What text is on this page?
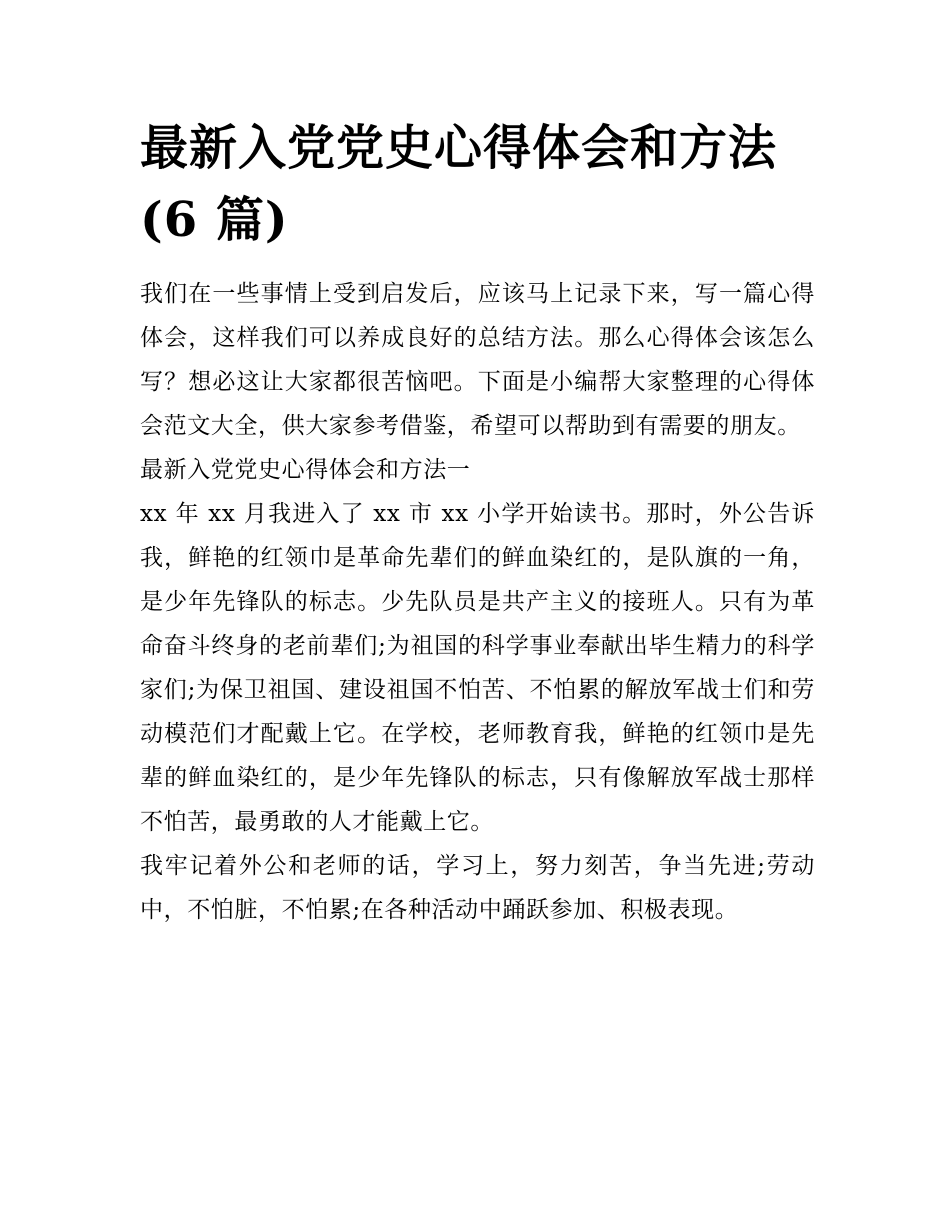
最新入党党史心得体会和方法(6 篇)

我们在一些事情上受到启发后，应该马上记录下来，写一篇心得体会，这样我们可以养成良好的总结方法。那么心得体会该怎么写？想必这让大家都很苦恼吧。下面是小编帮大家整理的心得体会范文大全，供大家参考借鉴，希望可以帮助到有需要的朋友。

最新入党党史心得体会和方法一

xx 年 xx 月我进入了 xx 市 xx 小学开始读书。那时，外公告诉我，鲜艳的红领巾是革命先辈们的鲜血染红的，是队旗的一角，是少年先锋队的标志。少先队员是共产主义的接班人。只有为革命奋斗终身的老前辈们;为祖国的科学事业奉献出毕生精力的科学家们;为保卫祖国、建设祖国不怕苦、不怕累的解放军战士们和劳动模范们才配戴上它。在学校，老师教育我，鲜艳的红领巾是先辈的鲜血染红的，是少年先锋队的标志，只有像解放军战士那样不怕苦，最勇敢的人才能戴上它。

我牢记着外公和老师的话，学习上，努力刻苦，争当先进;劳动中，不怕脏，不怕累;在各种活动中踊跃参加、积极表现。
